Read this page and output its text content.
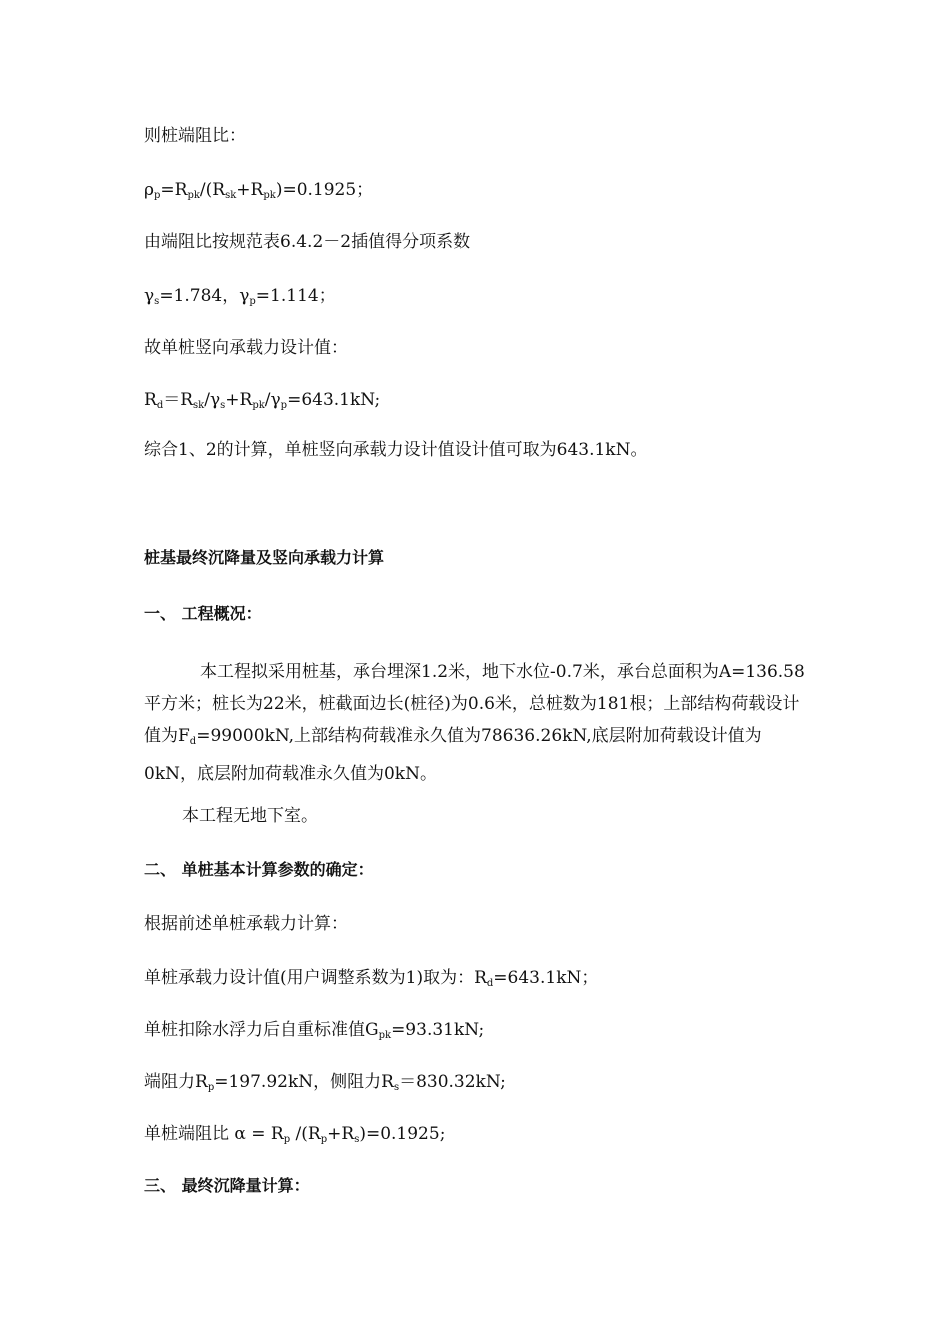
则桩端阻比：
$\rho_p=R_{pk}/(R_{sk}+R_{pk})=0.1925$；
由端阻比按规范表6.4.2－2插值得分项系数
$\gamma_s=1.784$，$\gamma_p=1.114$；
故单桩竖向承载力设计值：
$R_d=R_{sk}/\gamma_s+R_{pk}/\gamma_p=643.1kN$;
综合1、2的计算，单桩竖向承载力设计值设计值可取为643.1kN。
桩基最终沉降量及竖向承载力计算
一、 工程概况：
本工程拟采用桩基，承台埋深1.2米，地下水位-0.7米，承台总面积为A=136.58平方米；桩长为22米，桩截面边长(桩径)为0.6米，总桩数为181根；上部结构荷载设计值为$F_d=99000kN$,上部结构荷载准永久值为78636.26kN,底层附加荷载设计值为0kN，底层附加荷载准永久值为0kN。
本工程无地下室。
二、 单桩基本计算参数的确定：
根据前述单桩承载力计算：
单桩承载力设计值(用户调整系数为1)取为：$R_d=643.1kN$；
单桩扣除水浮力后自重标准值$G_{pk}=93.31kN$;
端阻力$R_p=197.92kN$，侧阻力$R_s=830.32kN$;
单桩端阻比 $\alpha = R_p$ $/(R_p+R_s)=0.1925$;
三、 最终沉降量计算：
